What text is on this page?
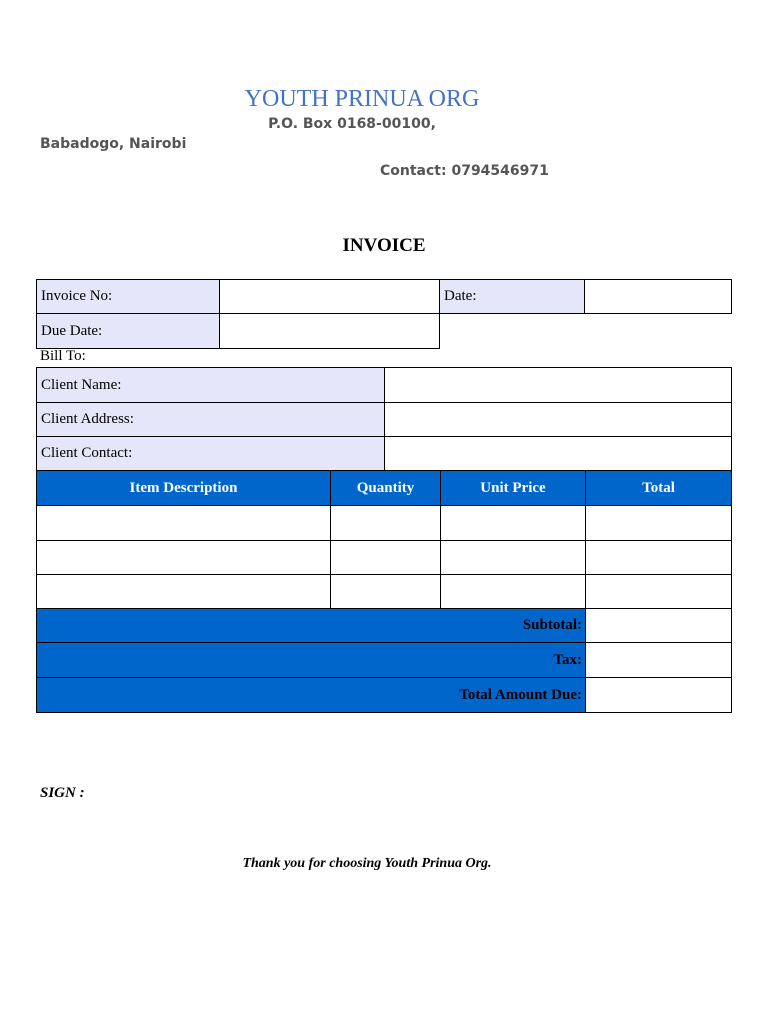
YOUTH PRINUA ORG
P.O. Box 0168-00100,
Babadogo, Nairobi
Contact: 0794546971
INVOICE
Invoice No:	Date:
Due Date:
Bill To:
Client Name:
Client Address:
Client Contact:
Item Description	Quantity	Unit Price	Total
Subtotal:
Tax:
Total Amount Due:
SIGN :
Thank you for choosing Youth Prinua Org.
